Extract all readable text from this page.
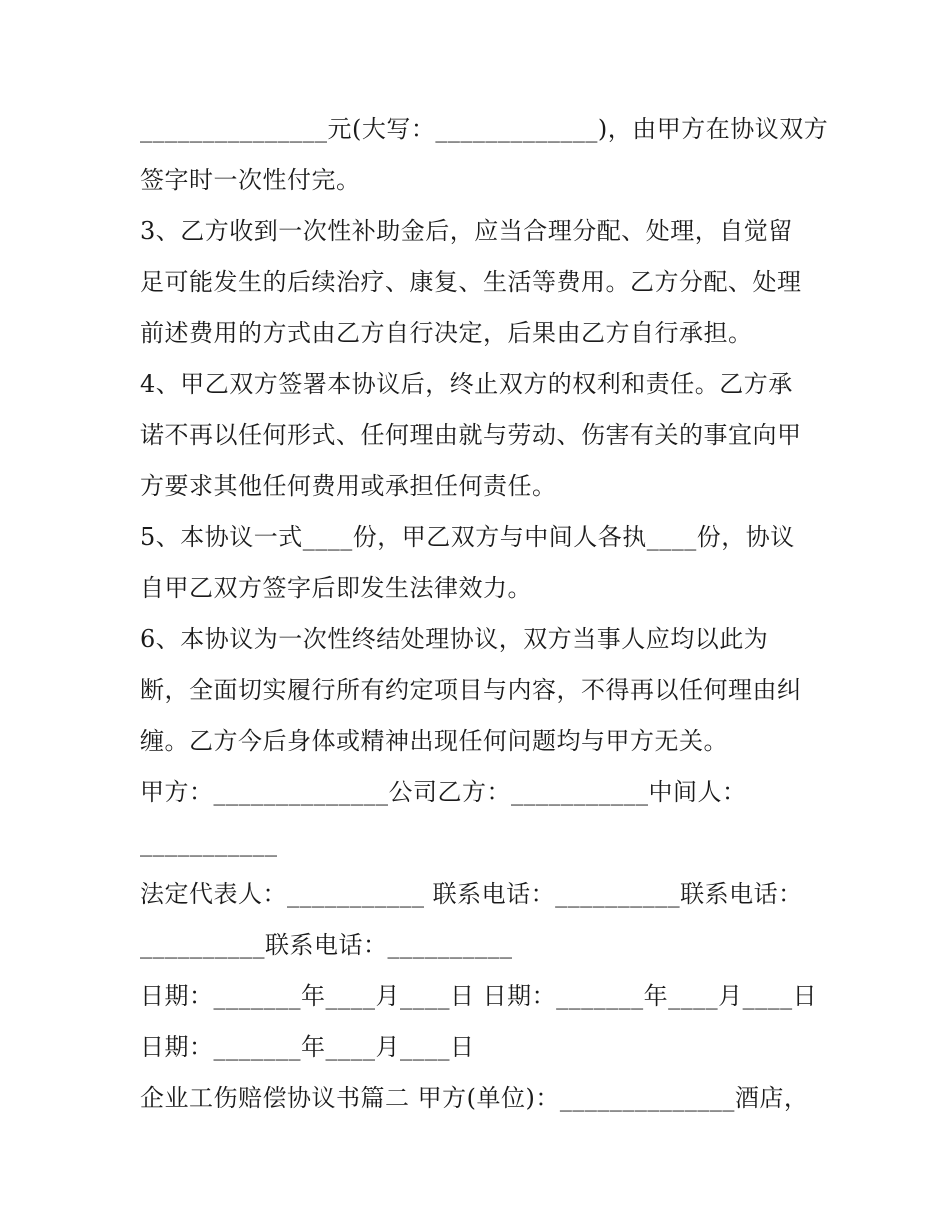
_______________元(大写：_____________)，由甲方在协议双方
签字时一次性付完。
3、乙方收到一次性补助金后，应当合理分配、处理，自觉留
足可能发生的后续治疗、康复、生活等费用。乙方分配、处理
前述费用的方式由乙方自行决定，后果由乙方自行承担。
4、甲乙双方签署本协议后，终止双方的权利和责任。乙方承
诺不再以任何形式、任何理由就与劳动、伤害有关的事宜向甲
方要求其他任何费用或承担任何责任。
5、本协议一式____份，甲乙双方与中间人各执____份，协议
自甲乙双方签字后即发生法律效力。
6、本协议为一次性终结处理协议，双方当事人应均以此为
断，全面切实履行所有约定项目与内容，不得再以任何理由纠
缠。乙方今后身体或精神出现任何问题均与甲方无关。
甲方：______________公司乙方：___________中间人：
___________
法定代表人：___________ 联系电话：__________联系电话：
__________联系电话：__________
日期：_______年____月____日 日期：_______年____月____日
日期：_______年____月____日
企业工伤赔偿协议书篇二 甲方(单位)：______________酒店，
